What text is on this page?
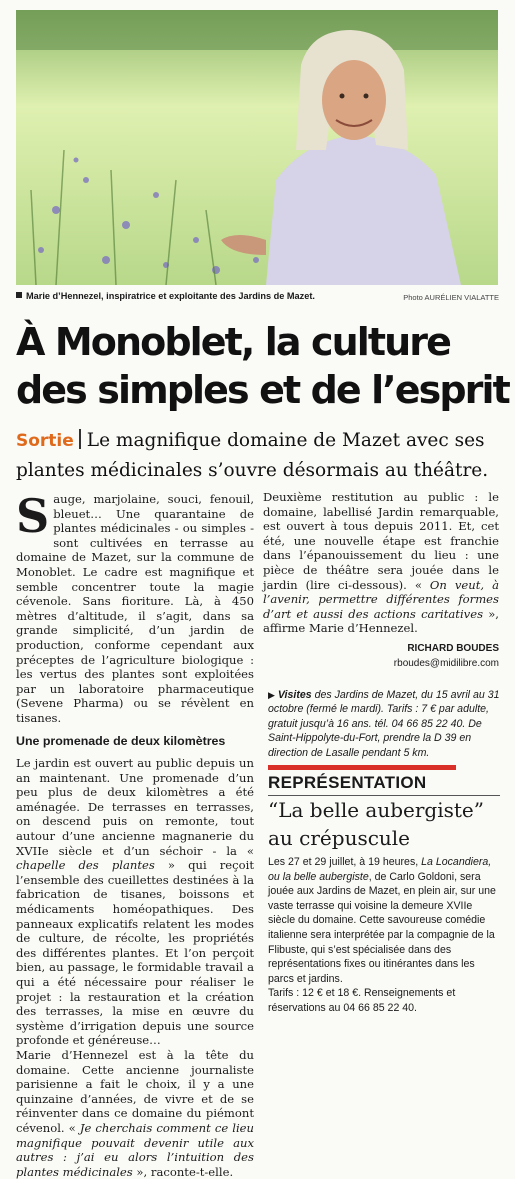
Marie d’Hennezel, inspiratrice et exploitante des Jardins de Mazet.	Photo AURÉLIEN VIALATTE
À Monoblet, la culture
des simples et de l’esprit
Sortie Le magnifique domaine de Mazet avec ses plantes médicinales s’ouvre désormais au théâtre.

Sauge, marjolaine, souci, fenouil, bleuet… Une quarantaine de plantes médicinales - ou simples - sont cultivées en terrasse au domaine de Mazet, sur la commune de Monoblet. Le cadre est magnifique et semble concentrer toute la magie cévenole. Sans fioriture. Là, à 450 mètres d’altitude, il s’agit, dans sa grande simplicité, d’un jardin de production, conforme cependant aux préceptes de l’agriculture biologique : les vertus des plantes sont exploitées par un laboratoire pharmaceutique (Sevene Pharma) ou se révèlent en tisanes.

Une promenade de deux kilomètres

Le jardin est ouvert au public depuis un an maintenant. Une promenade d’un peu plus de deux kilomètres a été aménagée. De terrasses en terrasses, on descend puis on remonte, tout autour d’une ancienne magnanerie du XVIIe siècle et d’un séchoir - la « chapelle des plantes » qui reçoit l’ensemble des cueillettes destinées à la fabrication de tisanes, boissons et médicaments homéopathiques. Des panneaux explicatifs relatent les modes de culture, de récolte, les propriétés des différentes plantes. Et l’on perçoit bien, au passage, le formidable travail a qui a été nécessaire pour réaliser le projet : la restauration et la création des terrasses, la mise en œuvre du système d’irrigation depuis une source profonde et généreuse…

Marie d’Hennezel est à la tête du domaine. Cette ancienne journaliste parisienne a fait le choix, il y a une quinzaine d’années, de vivre et de se réinventer dans ce domaine du piémont cévenol. « Je cherchais comment ce lieu magnifique pouvait devenir utile aux autres : j’ai eu alors l’intuition des plantes médicinales », raconte-t-elle.

Deuxième restitution au public : le domaine, labellisé Jardin remarquable, est ouvert à tous depuis 2011. Et, cet été, une nouvelle étape est franchie dans l’épanouissement du lieu : une pièce de théâtre sera jouée dans le jardin (lire ci-dessous). « On veut, à l’avenir, permettre différentes formes d’art et aussi des actions caritatives », affirme Marie d’Hennezel.

RICHARD BOUDES

rboudes@midilibre.com

▶ Visites des Jardins de Mazet, du 15 avril au 31 octobre (fermé le mardi). Tarifs : 7 € par adulte, gratuit jusqu’à 16 ans. tél. 04 66 85 22 40. De Saint-Hippolyte-du-Fort, prendre la D 39 en direction de Lasalle pendant 5 km.
REPRÉSENTATION
“La belle aubergiste”
au crépuscule

Les 27 et 29 juillet, à 19 heures, La Locandiera, ou la belle aubergiste, de Carlo Goldoni, sera jouée aux Jardins de Mazet, en plein air, sur une vaste terrasse qui voisine la demeure XVIIe siècle du domaine. Cette savoureuse comédie italienne sera interprétée par la compagnie de la Flibuste, qui s’est spécialisée dans des représentations fixes ou itinérantes dans les parcs et jardins.

Tarifs : 12 € et 18 €. Renseignements et réservations au 04 66 85 22 40.
